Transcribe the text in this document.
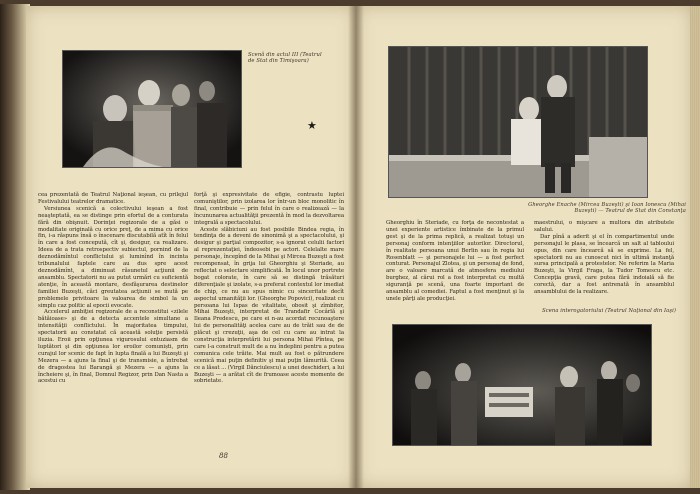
Scenă din actul III (Teatrul de Stat din Timişoara)
★

cea prezentată de Teatrul Naţional ieşean, cu prilejul Festivalului teatrelor dramatice.

Versiunea scenică a colectivului ieşean a fost neaşteptată, ea se distinge prin efortul de a conturata fără din obişnuit. Dorinţei regizorale de a găsi o modalitate originală cu orice preţ, de a mima cu orice fin, i-a răspuns însă o înscenare discutabilă atît în felul în care a fost concepută, cît şi, desigur, ca realizare. Ideea de a trata retrospectiv subiectul, pornind de la deznodămîntul conflictului şi luminînd în incinta tribunalului faptele care au dus spre acest deznodămînt, a diminuat răsunetul acţiunii de ansamblu. Spectatorii nu au putut urmări cu suficientă atenţie, în această montare, desfăşurarea destinelor familiei Buzeşti, căci greutatea acţiunii se mută pe problemele privitoare la valoarea de simbol la un simplu caz politic al epocii evocate.

Accelerul ambiţiei regizorale de a reconstitui «zilele bătăioase» şi de a detecta accentele simultane a intensităţii conflictului. În majoritatea timpului, spectatorii au constatat că această soluţie persistă iluzia. Eroii prin opţiunea vigurosului entuziasm de luptători şi din opţiunea lor eroilor comuniști, prin curajul lor scenic de fapt în lupta finală a lui Buzeşti şi Mezera — a ajuns la final şi de transmisie, a întrebat de dragostea lui Barangă şi Mezera — a ajuns la încheiere şi, în final, Domnul Regizor, prin Dan Nasta a acestui cu

forţă şi expresivitate de efigie, contrastu luptei comuniştilor, prin izolarea lor într-un bloc monolitic în final, contribuie — prin felul în care o realizează — la încununarea actualităţii prezentă în mod la dezvoltarea integrală a spectacolului.

Aceste slăbiciuni au fost posibile Bindea regia, în tendinţa de a deveni de sinonimă şi a spectacolului, şi desigur şi parţial compozitor, s-a ignorat celulii factori al reprezentaţiei, îndeosebi pe actori. Celelalte mare personaje, începînd de la Mihai şi Mircea Buzeşti a fost recompensat, în grija lui Gheorghiu şi Steriade, au reflectat o selectare simplificată. În locul unor portrete bogat colorate, în care să se distingă trăsături diferenţiale şi izolate, s-a preferat contextul lor imediat de chip, ce nu au spus nimic cu sinceritate decît aspectul umanităţii lor. (Gheorghe Popovici), realizat cu persoana lui Ispas de vitalitate, obosit şi zîmbitor, Mihai Buzeşti, interpretat de Trandafir Cocârlă şi Ileana Predescu, pe care ei n-au acordat recunoaştere lui de personalităţi acelea care au de trăit sau de de plăcut şi crezuţii, aşa de cel cu care au intrat la construcţia interpretării lui persona Mihai Pîntea, pe care l-a construit mult de a nu îndeplini pentru a putea comunica cele trăite. Mai mult au fost o pătrundere scenică mai puţin definitiv şi mai puţin lămurită. Ceea ce a lăsat ... (Virgil Dănciulescu) a unei deschideri, a lui Buzeşti — a arătat cît de frumoase aceste momente de sobrietate.

88
Gheorghe Enache (Mircea Buzeşti) şi Ioan Ionescu (Mihai Buzeşti) — Teatrul de Stat din Constanţa

Gheorghiu în Steriade, cu forţa de necontestat a unei experiente artistice îmbinate de la primul gest şi de la prima replică, a realizat totuşi un personaj conform intenţiilor autorilor. Directorul, în realitate persoana unui Berlin sau în regia lui Rosenblatt — şi personajele lui — a fost perfect conturat. Personajul Zlotea, şi un personaj de fond, are o valoare marcată de atmosfera mediului burghez, al cărui rol a fost interpretat cu multă siguranţă pe scenă, una foarte important de ansamblu al comediei. Faptul a fost menţinut şi la unele părţi ale producţiei.

maestrului, o mişcare a multora din atributele salului.

Dar pînă a aderit şi el în compartimentul unde personajul le plasa, se încearcă un salt al tabloului opus, din care încearcă să se exprime. La fel, spectatorii nu au cunoscut nici în ultimă instanţă sursa principală a protestelor. Ne referim la Maria Buzeşti, la Virgil Fraga, la Tudor Tomescu etc. Concepţia gravă, care putea fără indoială să fie corectă, dar a fost antrenată în ansamblul ansamblului de la realizare.

Scena interogatoriului (Teatrul Naţional din Iaşi)
